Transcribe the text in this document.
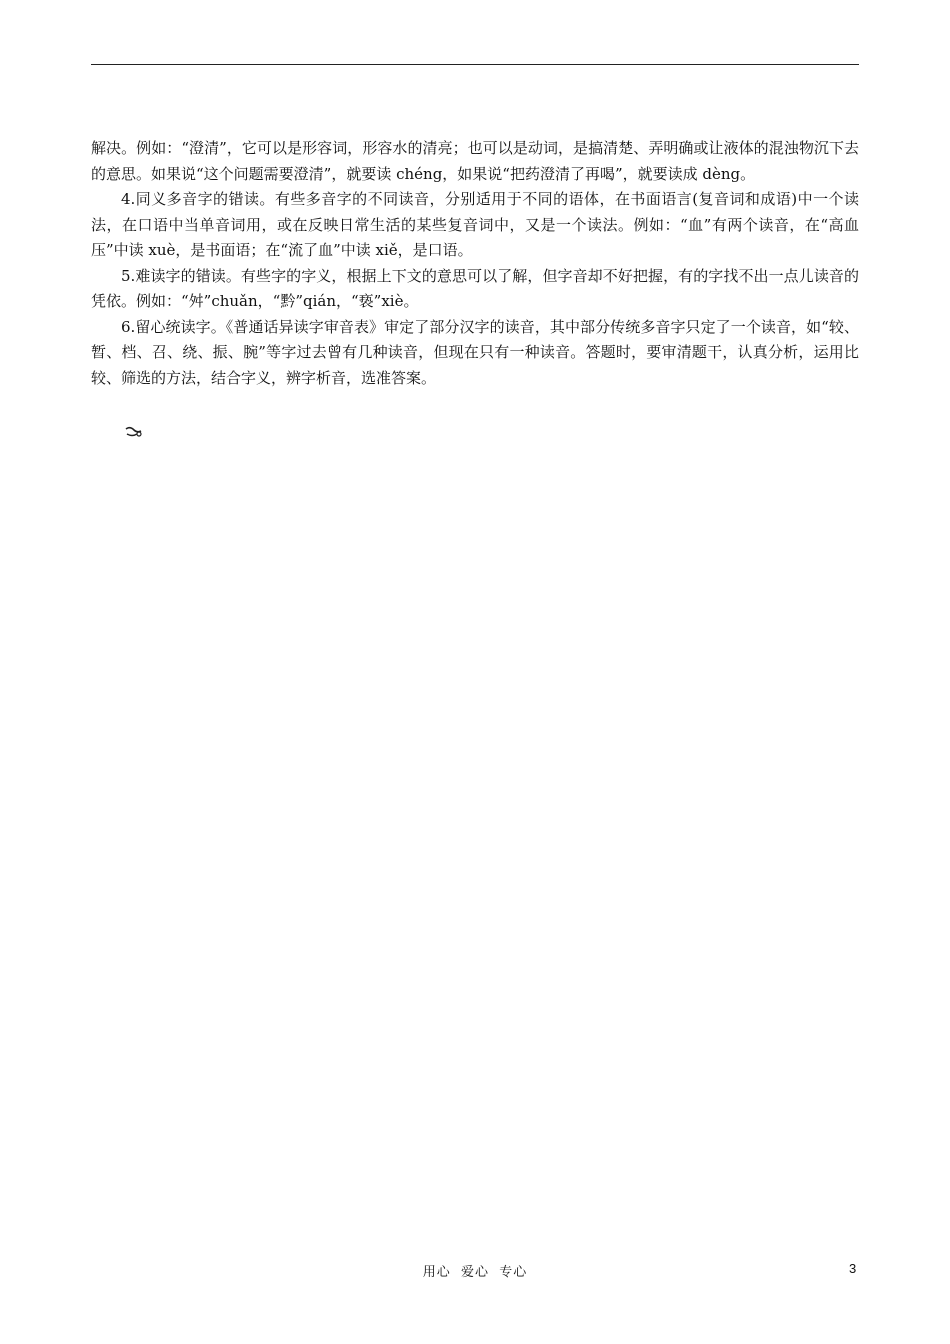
解决。例如：“澄清”，它可以是形容词，形容水的清亮；也可以是动词，是搞清楚、弄明确或让液体的混浊物沉下去的意思。如果说“这个问题需要澄清”，就要读 chéng，如果说“把药澄清了再喝”，就要读成 dèng。

4.同义多音字的错读。有些多音字的不同读音，分别适用于不同的语体，在书面语言(复音词和成语)中一个读法，在口语中当单音词用，或在反映日常生活的某些复音词中，又是一个读法。例如：“血”有两个读音，在“高血压”中读 xuè，是书面语；在“流了血”中读 xiě，是口语。

5.难读字的错读。有些字的字义，根据上下文的意思可以了解，但字音却不好把握，有的字找不出一点儿读音的凭依。例如：“舛”chuǎn，“黔”qián，“亵”xiè。

6.留心统读字。《普通话异读字审音表》审定了部分汉字的读音，其中部分传统多音字只定了一个读音，如“较、暂、档、召、绕、振、腕”等字过去曾有几种读音，但现在只有一种读音。答题时，要审清题干，认真分析，运用比较、筛选的方法，结合字义，辨字析音，选准答案。

用心  爱心  专心	3
